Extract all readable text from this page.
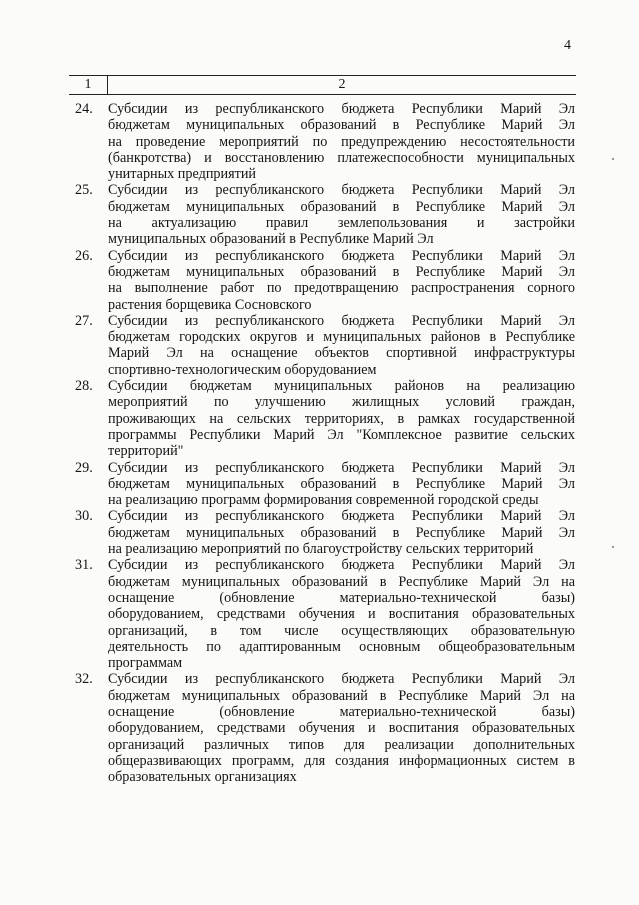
4
1	2
24. Субсидии из республиканского бюджета Республики Марий Эл
бюджетам муниципальных образований в Республике Марий Эл
на проведение мероприятий по предупреждению несостоятельности
(банкротства) и восстановлению платежеспособности муниципальных
унитарных предприятий
25. Субсидии из республиканского бюджета Республики Марий Эл
бюджетам муниципальных образований в Республике Марий Эл
на актуализацию правил землепользования и застройки
муниципальных образований в Республике Марий Эл
26. Субсидии из республиканского бюджета Республики Марий Эл
бюджетам муниципальных образований в Республике Марий Эл
на выполнение работ по предотвращению распространения сорного
растения борщевика Сосновского
27. Субсидии из республиканского бюджета Республики Марий Эл
бюджетам городских округов и муниципальных районов в Республике
Марий Эл на оснащение объектов спортивной инфраструктуры
спортивно-технологическим оборудованием
28. Субсидии бюджетам муниципальных районов на реализацию
мероприятий по улучшению жилищных условий граждан,
проживающих на сельских территориях, в рамках государственной
программы Республики Марий Эл "Комплексное развитие сельских
территорий"
29. Субсидии из республиканского бюджета Республики Марий Эл
бюджетам муниципальных образований в Республике Марий Эл
на реализацию программ формирования современной городской среды
30. Субсидии из республиканского бюджета Республики Марий Эл
бюджетам муниципальных образований в Республике Марий Эл
на реализацию мероприятий по благоустройству сельских территорий
31. Субсидии из республиканского бюджета Республики Марий Эл
бюджетам муниципальных образований в Республике Марий Эл на
оснащение (обновление материально-технической базы)
оборудованием, средствами обучения и воспитания образовательных
организаций, в том числе осуществляющих образовательную
деятельность по адаптированным основным общеобразовательным
программам
32. Субсидии из республиканского бюджета Республики Марий Эл
бюджетам муниципальных образований в Республике Марий Эл на
оснащение (обновление материально-технической базы)
оборудованием, средствами обучения и воспитания образовательных
организаций различных типов для реализации дополнительных
общеразвивающих программ, для создания информационных систем в
образовательных организациях
